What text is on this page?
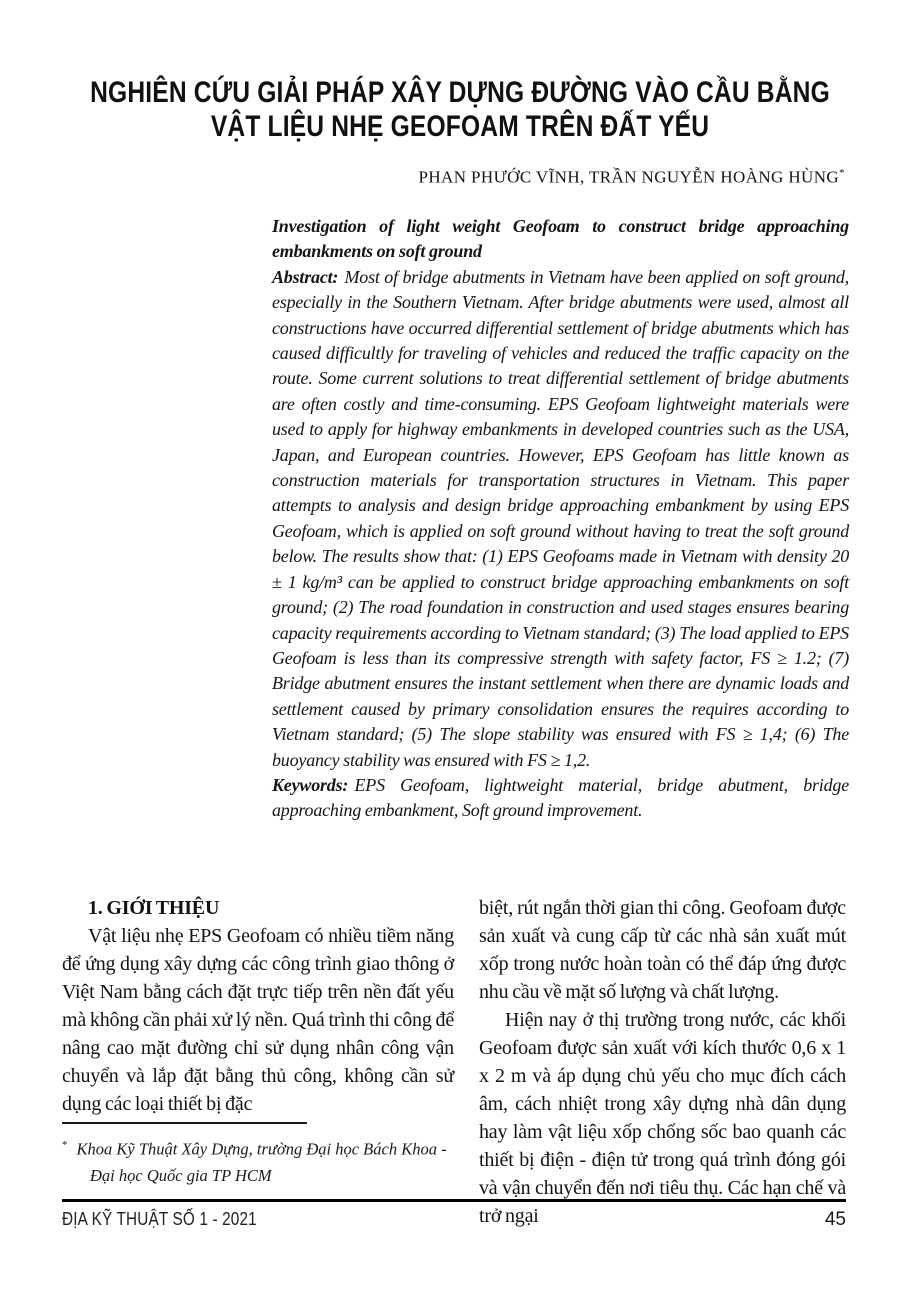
NGHIÊN CỨU GIẢI PHÁP XÂY DỰNG ĐƯỜNG VÀO CẦU BẰNG
VẬT LIỆU NHẸ GEOFOAM TRÊN ĐẤT YẾU
PHAN PHƯỚC VĨNH, TRẦN NGUYỄN HOÀNG HÙNG*

Investigation of light weight Geofoam to construct bridge approaching embankments on soft ground

Abstract: Most of bridge abutments in Vietnam have been applied on soft ground, especially in the Southern Vietnam. After bridge abutments were used, almost all constructions have occurred differential settlement of bridge abutments which has caused difficultly for traveling of vehicles and reduced the traffic capacity on the route. Some current solutions to treat differential settlement of bridge abutments are often costly and time-consuming. EPS Geofoam lightweight materials were used to apply for highway embankments in developed countries such as the USA, Japan, and European countries. However, EPS Geofoam has little known as construction materials for transportation structures in Vietnam. This paper attempts to analysis and design bridge approaching embankment by using EPS Geofoam, which is applied on soft ground without having to treat the soft ground below. The results show that: (1) EPS Geofoams made in Vietnam with density 20 ± 1 kg/m³ can be applied to construct bridge approaching embankments on soft ground; (2) The road foundation in construction and used stages ensures bearing capacity requirements according to Vietnam standard; (3) The load applied to EPS Geofoam is less than its compressive strength with safety factor, FS ≥ 1.2; (7) Bridge abutment ensures the instant settlement when there are dynamic loads and settlement caused by primary consolidation ensures the requires according to Vietnam standard; (5) The slope stability was ensured with FS ≥ 1,4; (6) The buoyancy stability was ensured with FS ≥ 1,2.

Keywords: EPS Geofoam, lightweight material, bridge abutment, bridge approaching embankment, Soft ground improvement.

1. GIỚI THIỆU

Vật liệu nhẹ EPS Geofoam có nhiều tiềm năng để ứng dụng xây dựng các công trình giao thông ở Việt Nam bằng cách đặt trực tiếp trên nền đất yếu mà không cần phải xử lý nền. Quá trình thi công để nâng cao mặt đường chỉ sử dụng nhân công vận chuyển và lắp đặt bằng thủ công, không cần sử dụng các loại thiết bị đặc

biệt, rút ngắn thời gian thi công. Geofoam được sản xuất và cung cấp từ các nhà sản xuất mút xốp trong nước hoàn toàn có thể đáp ứng được nhu cầu về mặt số lượng và chất lượng.

Hiện nay ở thị trường trong nước, các khối Geofoam được sản xuất với kích thước 0,6 x 1 x 2 m và áp dụng chủ yếu cho mục đích cách âm, cách nhiệt trong xây dựng nhà dân dụng hay làm vật liệu xốp chống sốc bao quanh các thiết bị điện - điện tử trong quá trình đóng gói và vận chuyển đến nơi tiêu thụ. Các hạn chế và trở ngại

* Khoa Kỹ Thuật Xây Dựng, trường Đại học Bách Khoa - Đại học Quốc gia TP HCM

ĐỊA KỸ THUẬT SỐ 1 - 2021	45
